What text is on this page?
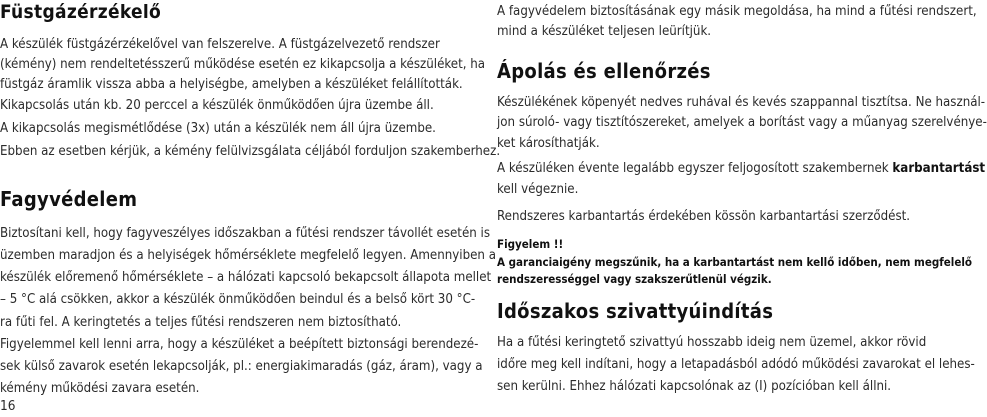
Füstgázérzékelő
A készülék füstgázérzékelővel van felszerelve. A füstgázelvezető rendszer
(kémény) nem rendeltetésszerű működése esetén ez kikapcsolja a készüléket, ha
füstgáz áramlik vissza abba a helyiségbe, amelyben a készüléket felállították.
Kikapcsolás után kb. 20 perccel a készülék önműködően újra üzembe áll.
A kikapcsolás megismétlődése (3x) után a készülék nem áll újra üzembe.
Ebben az esetben kérjük, a kémény felülvizsgálata céljából forduljon szakemberhez.
Fagyvédelem
Biztosítani kell, hogy fagyveszélyes időszakban a fűtési rendszer távollét esetén is
üzemben maradjon és a helyiségek hőmérséklete megfelelő legyen. Amennyiben a
készülék előremenő hőmérséklete – a hálózati kapcsoló bekapcsolt állapota mellet
– 5 °C alá csökken, akkor a készülék önműködően beindul és a belső kört 30 °C-
ra fűti fel. A keringtetés a teljes fűtési rendszeren nem biztosítható.
Figyelemmel kell lenni arra, hogy a készüléket a beépített biztonsági berendezé-
sek külső zavarok esetén lekapcsolják, pl.: energiakimaradás (gáz, áram), vagy a
kémény működési zavara esetén.
16
A fagyvédelem biztosításának egy másik megoldása, ha mind a fűtési rendszert,
mind a készüléket teljesen leürítjük.
Ápolás és ellenőrzés
Készülékének köpenyét nedves ruhával és kevés szappannal tisztítsa. Ne használ-
jon súroló- vagy tisztítószereket, amelyek a borítást vagy a műanyag szerelvénye-
ket károsíthatják.
A készüléken évente legalább egyszer feljogosított szakembernek karbantartást
kell végeznie.
Rendszeres karbantartás érdekében kössön karbantartási szerződést.
Figyelem !!
A garanciaigény megszűnik, ha a karbantartást nem kellő időben, nem megfelelő
rendszerességgel vagy szakszerűtlenül végzik.
Időszakos szivattyúindítás
Ha a fűtési keringtető szivattyú hosszabb ideig nem üzemel, akkor rövid
időre meg kell indítani, hogy a letapadásból adódó működési zavarokat el lehes-
sen kerülni. Ehhez hálózati kapcsolónak az (I) pozícióban kell állni.
